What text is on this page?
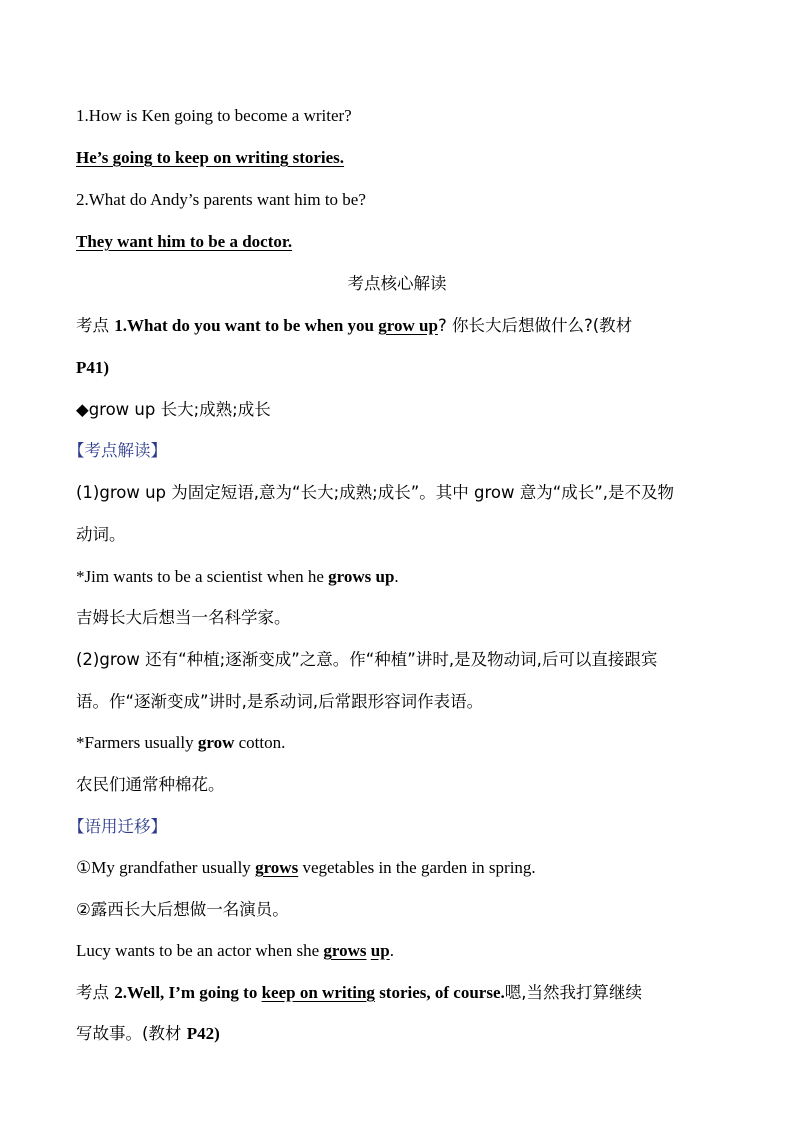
1.How is Ken going to become a writer?

He’s going to keep on writing stories.

2.What do Andy’s parents want him to be?

They want him to be a doctor.

考点核心解读

考点 1.What do you want to be when you grow up? 你长大后想做什么?(教材

P41)

◆grow up 长大;成熟;成长

【考点解读】

(1)grow up 为固定短语,意为“长大;成熟;成长”。其中 grow 意为“成长”,是不及物

动词。

*Jim wants to be a scientist when he grows up.

吉姆长大后想当一名科学家。

(2)grow 还有“种植;逐渐变成”之意。作“种植”讲时,是及物动词,后可以直接跟宾

语。作“逐渐变成”讲时,是系动词,后常跟形容词作表语。

*Farmers usually grow cotton.

农民们通常种棉花。

【语用迁移】

①My grandfather usually grows vegetables in the garden in spring.

②露西长大后想做一名演员。

Lucy wants to be an actor when she grows up.

考点 2.Well, I’m going to keep on writing stories, of course.嗯,当然我打算继续

写故事。(教材 P42)
